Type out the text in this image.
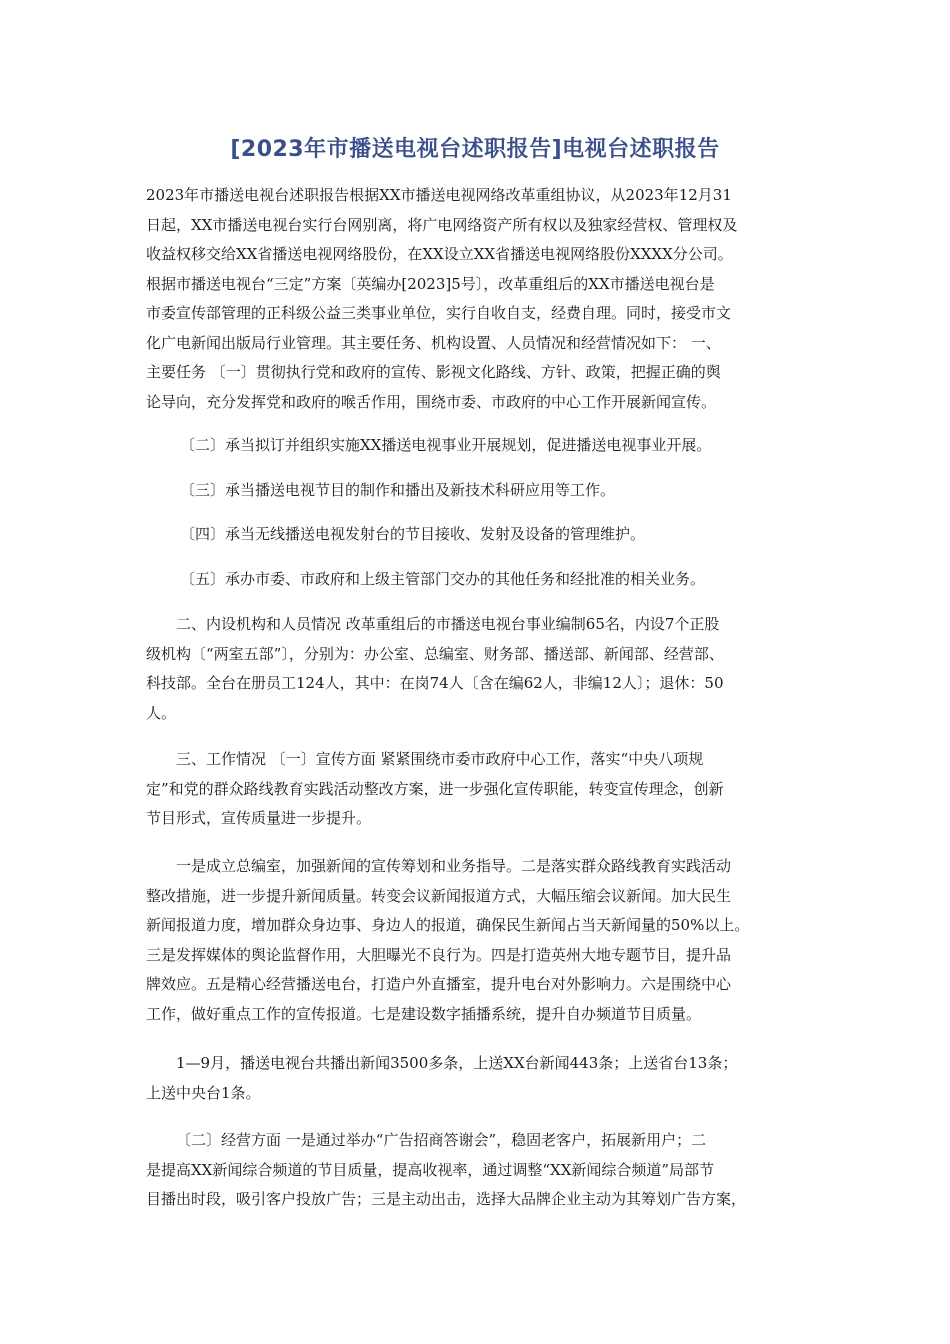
[2023年市播送电视台述职报告]电视台述职报告

2023年市播送电视台述职报告根据XX市播送电视网络改革重组协议，从2023年12月31
日起，XX市播送电视台实行台网别离，将广电网络资产所有权以及独家经营权、管理权及
收益权移交给XX省播送电视网络股份，在XX设立XX省播送电视网络股份XXXX分公司。
根据市播送电视台“三定”方案〔英编办[2023]5号〕，改革重组后的XX市播送电视台是
市委宣传部管理的正科级公益三类事业单位，实行自收自支，经费自理。同时，接受市文
化广电新闻出版局行业管理。其主要任务、机构设置、人员情况和经营情况如下： 一、
主要任务 〔一〕贯彻执行党和政府的宣传、影视文化路线、方针、政策，把握正确的舆
论导向，充分发挥党和政府的喉舌作用，围绕市委、市政府的中心工作开展新闻宣传。

〔二〕承当拟订并组织实施XX播送电视事业开展规划，促进播送电视事业开展。

〔三〕承当播送电视节目的制作和播出及新技术科研应用等工作。

〔四〕承当无线播送电视发射台的节目接收、发射及设备的管理维护。

〔五〕承办市委、市政府和上级主管部门交办的其他任务和经批准的相关业务。

二、内设机构和人员情况 改革重组后的市播送电视台事业编制65名，内设7个正股
级机构〔“两室五部”〕，分别为：办公室、总编室、财务部、播送部、新闻部、经营部、
科技部。全台在册员工124人，其中：在岗74人〔含在编62人，非编12人〕；退休：50
人。

三、工作情况 〔一〕宣传方面 紧紧围绕市委市政府中心工作，落实“中央八项规
定”和党的群众路线教育实践活动整改方案，进一步强化宣传职能，转变宣传理念，创新
节目形式，宣传质量进一步提升。

一是成立总编室，加强新闻的宣传筹划和业务指导。二是落实群众路线教育实践活动
整改措施，进一步提升新闻质量。转变会议新闻报道方式，大幅压缩会议新闻。加大民生
新闻报道力度，增加群众身边事、身边人的报道，确保民生新闻占当天新闻量的50%以上。
三是发挥媒体的舆论监督作用，大胆曝光不良行为。四是打造英州大地专题节目，提升品
牌效应。五是精心经营播送电台，打造户外直播室，提升电台对外影响力。六是围绕中心
工作，做好重点工作的宣传报道。七是建设数字插播系统，提升自办频道节目质量。

1—9月，播送电视台共播出新闻3500多条，上送XX台新闻443条；上送省台13条；
上送中央台1条。

〔二〕经营方面 一是通过举办“广告招商答谢会”，稳固老客户，拓展新用户；二
是提高XX新闻综合频道的节目质量，提高收视率，通过调整“XX新闻综合频道”局部节
目播出时段，吸引客户投放广告；三是主动出击，选择大品牌企业主动为其筹划广告方案，
